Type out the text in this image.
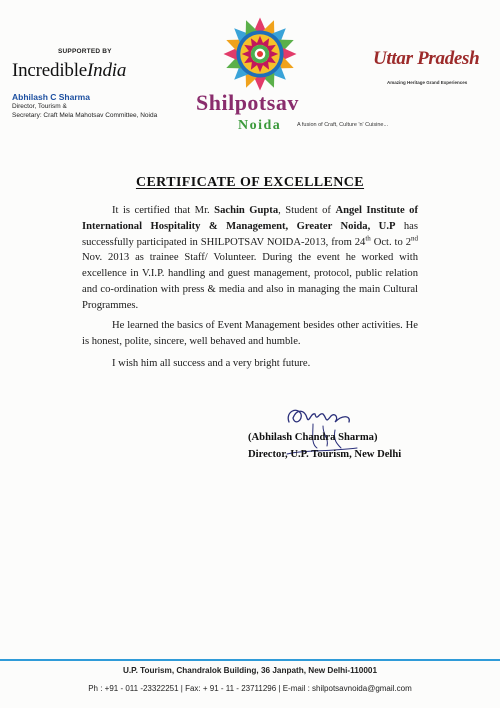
SUPPORTED BY
IncredibleIndia
Abhilash C Sharma
Director, Tourism &
Secretary: Craft Mela Mahotsav Committee, Noida
Shilpotsav
Noida	A fusion of Craft, Culture 'n' Cuisine...
Uttar Pradesh
Amazing Heritage Grand Experiences
CERTIFICATE OF EXCELLENCE
It is certified that Mr. Sachin Gupta, Student of Angel Institute of International Hospitality & Management, Greater Noida, U.P has successfully participated in SHILPOTSAV NOIDA-2013, from 24th Oct. to 2nd Nov. 2013 as trainee Staff/ Volunteer. During the event he worked with excellence in V.I.P. handling and guest management, protocol, public relation and co-ordination with press & media and also in managing the main Cultural Programmes.
He learned the basics of Event Management besides other activities. He is honest, polite, sincere, well behaved and humble.
I wish him all success and a very bright future.
(Abhilash Chandra Sharma)
Director, U.P. Tourism, New Delhi
U.P. Tourism, Chandralok Building, 36 Janpath, New Delhi-110001
Ph : +91 - 011 -23322251 | Fax: + 91 - 11 - 23711296 | E-mail : shilpotsavnoida@gmail.com
